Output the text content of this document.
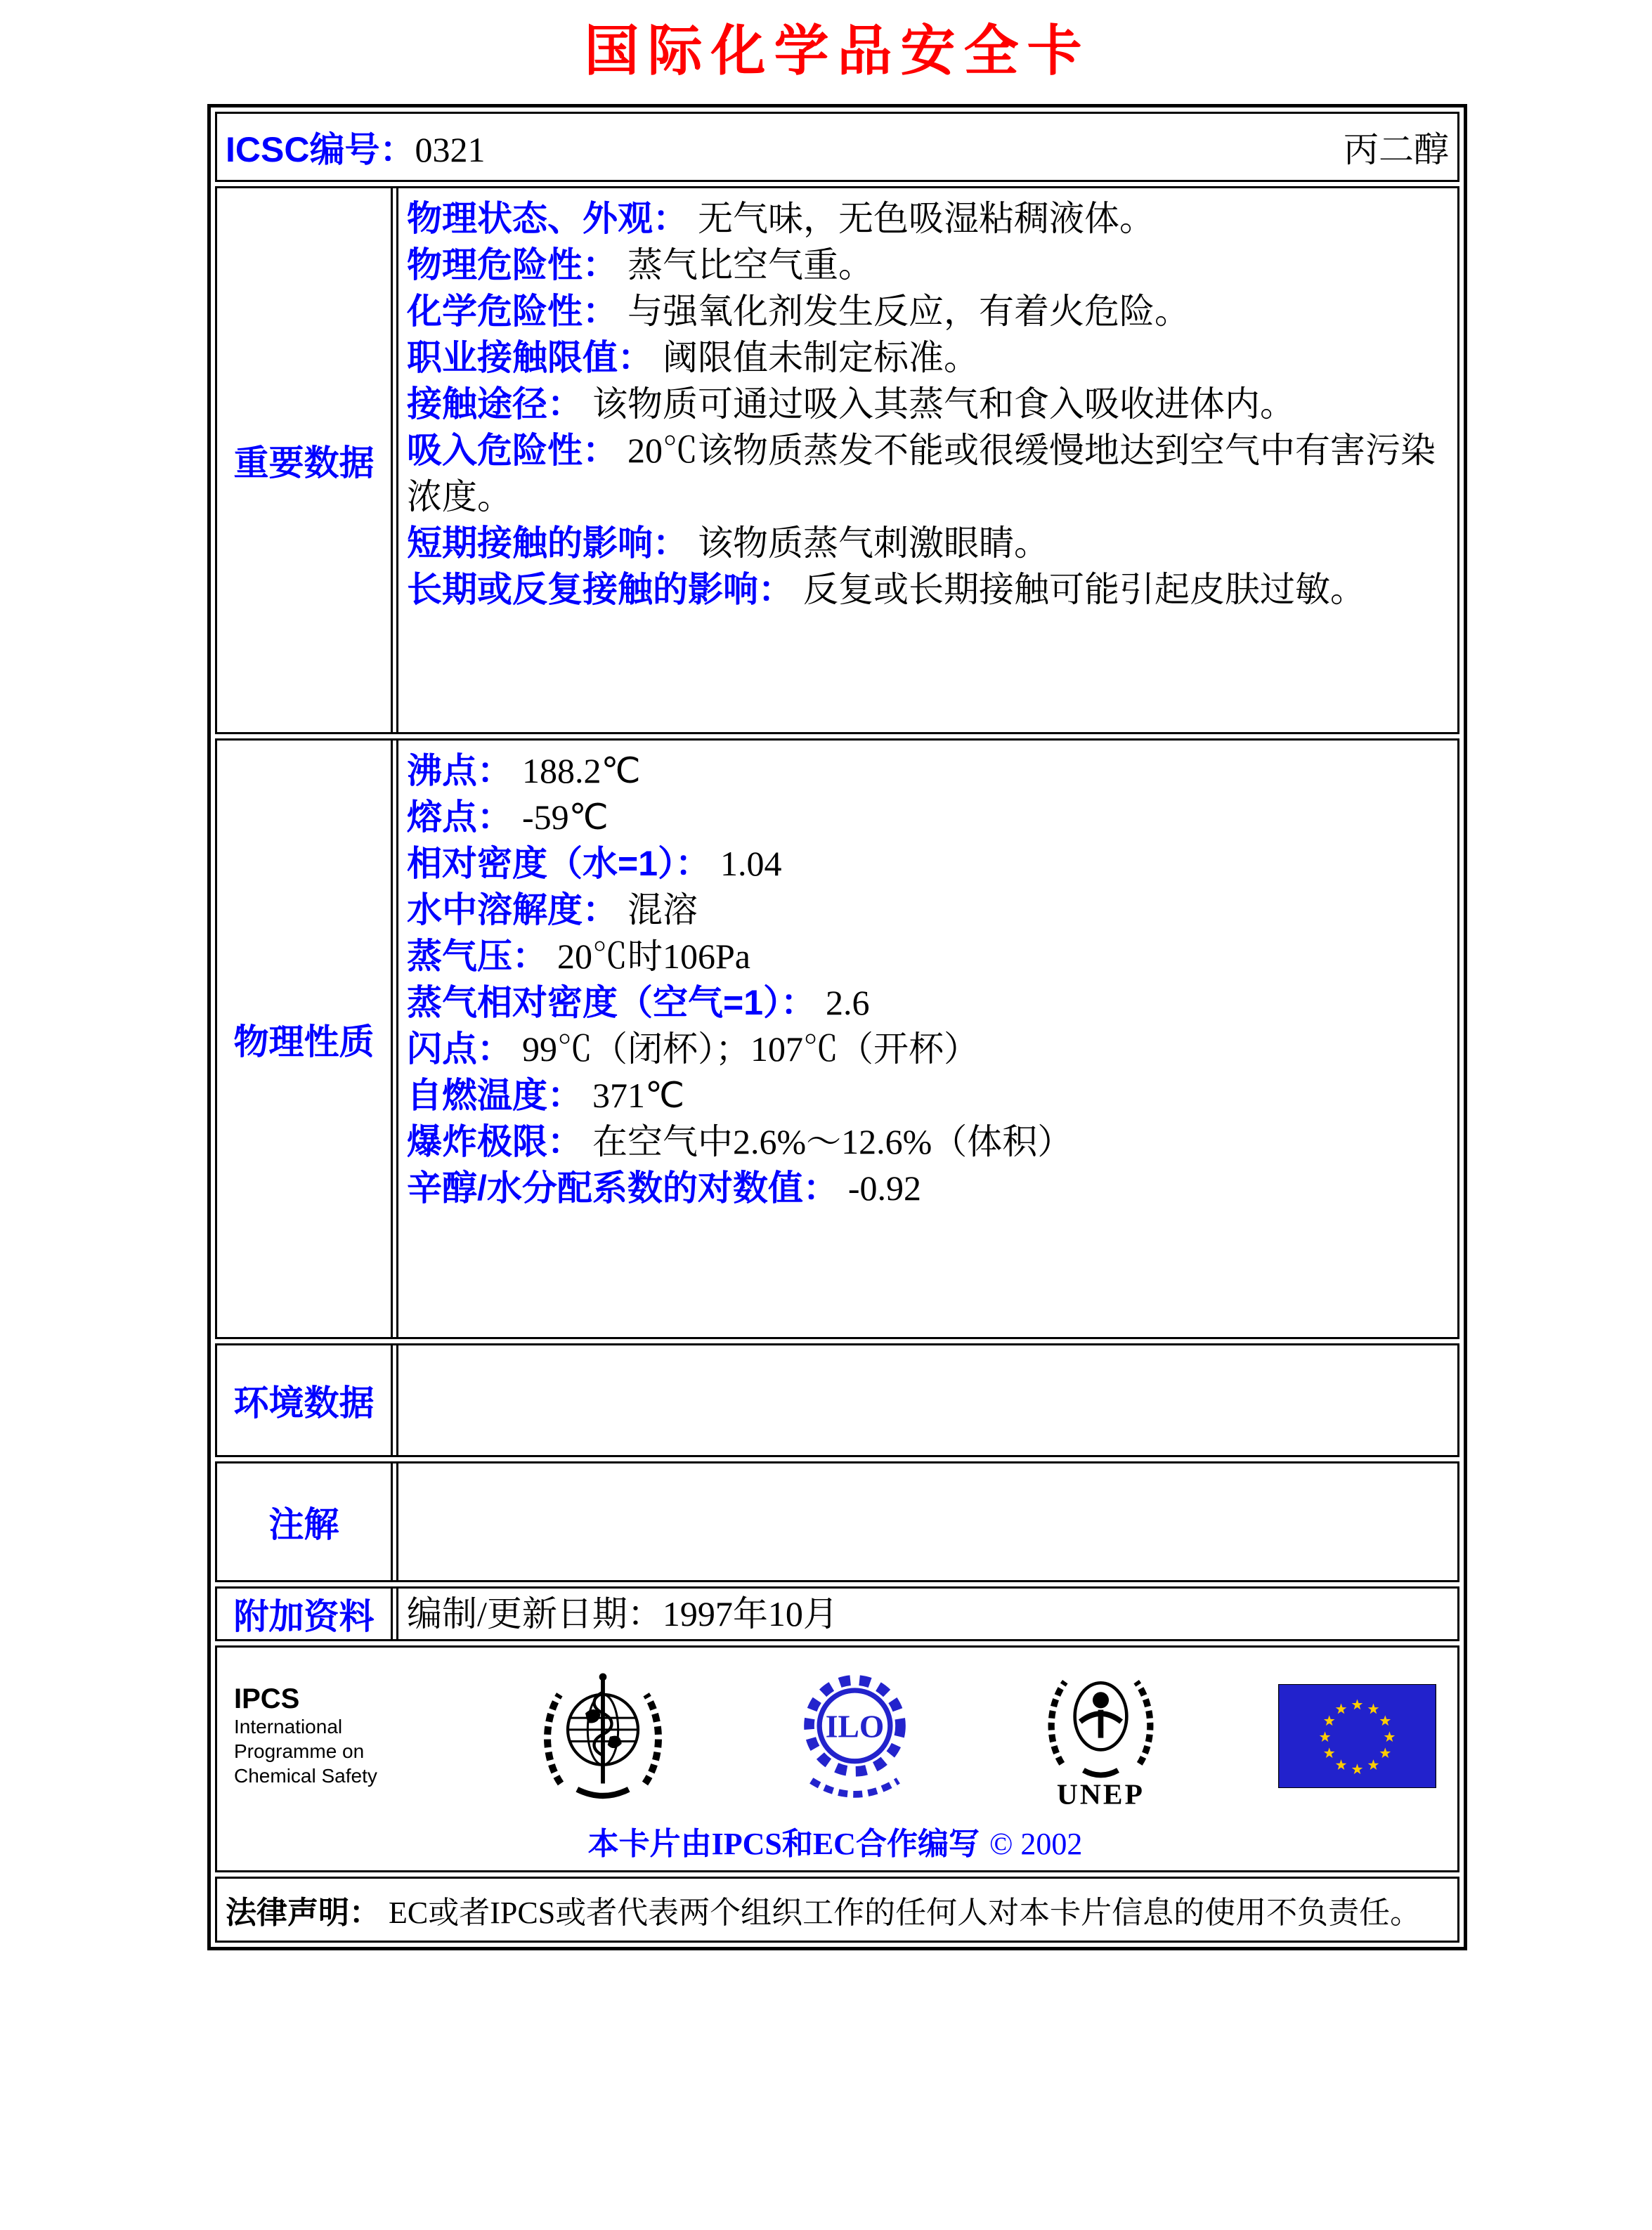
国际化学品安全卡
ICSC编号：0321	丙二醇
重要数据
物理状态、外观： 无气味，无色吸湿粘稠液体。
物理危险性： 蒸气比空气重。
化学危险性： 与强氧化剂发生反应，有着火危险。
职业接触限值： 阈限值未制定标准。
接触途径： 该物质可通过吸入其蒸气和食入吸收进体内。
吸入危险性： 20℃该物质蒸发不能或很缓慢地达到空气中有害污染浓度。
短期接触的影响： 该物质蒸气刺激眼睛。
长期或反复接触的影响： 反复或长期接触可能引起皮肤过敏。
物理性质
沸点： 188.2℃
熔点： -59℃
相对密度（水=1）： 1.04
水中溶解度： 混溶
蒸气压： 20℃时106Pa
蒸气相对密度（空气=1）： 2.6
闪点： 99℃（闭杯）；107℃（开杯）
自燃温度： 371℃
爆炸极限： 在空气中2.6%～12.6%（体积）
辛醇/水分配系数的对数值： -0.92
环境数据
注解
附加资料 编制/更新日期：1997年10月
IPCS
International
Programme on
Chemical Safety
ILO
UNEP
本卡片由IPCS和EC合作编写 © 2002
法律声明： EC或者IPCS或者代表两个组织工作的任何人对本卡片信息的使用不负责任。
